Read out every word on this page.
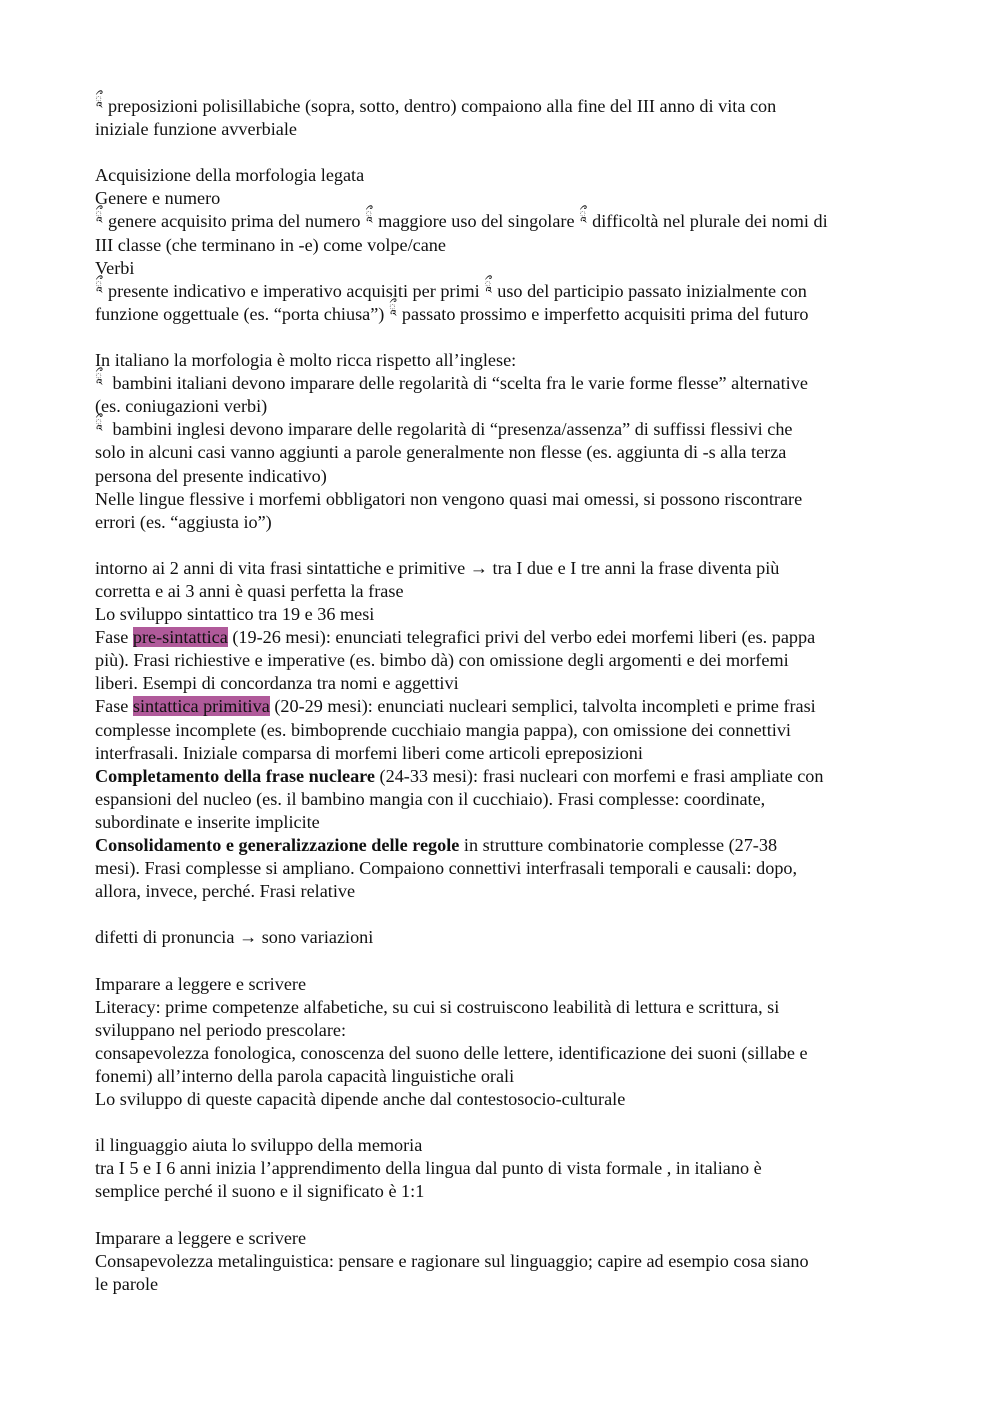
ཱྀ preposizioni polisillabiche (sopra, sotto, dentro) compaiono alla fine del III anno di vita con
iniziale funzione avverbiale
Acquisizione della morfologia legata
Genere e numero
ཱྀ genere acquisito prima del numero ཱྀ maggiore uso del singolare ཱྀ difficoltà nel plurale dei nomi di
III classe (che terminano in -e) come volpe/cane
Verbi
ཱྀ presente indicativo e imperativo acquisiti per primi ཱྀ uso del participio passato inizialmente con
funzione oggettuale (es. “porta chiusa”) ཱྀ passato prossimo e imperfetto acquisiti prima del futuro
In italiano la morfologia è molto ricca rispetto all’inglese:
ཱྀ bambini italiani devono imparare delle regolarità di “scelta fra le varie forme flesse” alternative
(es. coniugazioni verbi)
ཱྀ bambini inglesi devono imparare delle regolarità di “presenza/assenza” di suffissi flessivi che
solo in alcuni casi vanno aggiunti a parole generalmente non flesse (es. aggiunta di -s alla terza
persona del presente indicativo)
Nelle lingue flessive i morfemi obbligatori non vengono quasi mai omessi, si possono riscontrare
errori (es. “aggiusta io”)
intorno ai 2 anni di vita frasi sintattiche e primitive → tra I due e I tre anni la frase diventa più
corretta e ai 3 anni è quasi perfetta la frase
Lo sviluppo sintattico tra 19 e 36 mesi
Fase pre-sintattica (19-26 mesi): enunciati telegrafici privi del verbo edei morfemi liberi (es. pappa
più). Frasi richiestive e imperative (es. bimbo dà) con omissione degli argomenti e dei morfemi
liberi. Esempi di concordanza tra nomi e aggettivi
Fase sintattica primitiva (20-29 mesi): enunciati nucleari semplici, talvolta incompleti e prime frasi
complesse incomplete (es. bimboprende cucchiaio mangia pappa), con omissione dei connettivi
interfrasali. Iniziale comparsa di morfemi liberi come articoli epreposizioni
Completamento della frase nucleare (24-33 mesi): frasi nucleari con morfemi e frasi ampliate con
espansioni del nucleo (es. il bambino mangia con il cucchiaio). Frasi complesse: coordinate,
subordinate e inserite implicite
Consolidamento e generalizzazione delle regole in strutture combinatorie complesse (27-38
mesi). Frasi complesse si ampliano. Compaiono connettivi interfrasali temporali e causali: dopo,
allora, invece, perché. Frasi relative
difetti di pronuncia → sono variazioni
Imparare a leggere e scrivere
Literacy: prime competenze alfabetiche, su cui si costruiscono leabilità di lettura e scrittura, si
sviluppano nel periodo prescolare:
consapevolezza fonologica, conoscenza del suono delle lettere, identificazione dei suoni (sillabe e
fonemi) all’interno della parola capacità linguistiche orali
Lo sviluppo di queste capacità dipende anche dal contestosocio-culturale
il linguaggio aiuta lo sviluppo della memoria
tra I 5 e I 6 anni inizia l’apprendimento della lingua dal punto di vista formale , in italiano è
semplice perché il suono e il significato è 1:1
Imparare a leggere e scrivere
Consapevolezza metalinguistica: pensare e ragionare sul linguaggio; capire ad esempio cosa siano
le parole
